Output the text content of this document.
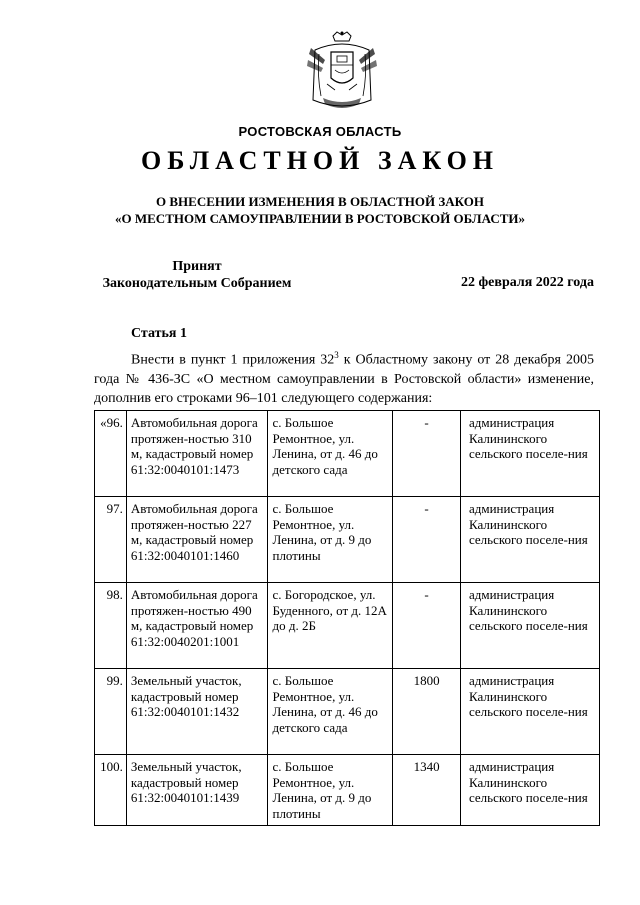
РОСТОВСКАЯ ОБЛАСТЬ
ОБЛАСТНОЙ ЗАКОН
О ВНЕСЕНИИ ИЗМЕНЕНИЯ В ОБЛАСТНОЙ ЗАКОН
«О МЕСТНОМ САМОУПРАВЛЕНИИ В РОСТОВСКОЙ ОБЛАСТИ»
Принят
Законодательным Собранием	22 февраля 2022 года
Статья 1
Внести в пункт 1 приложения $32^3$ к Областному закону от 28 декабря 2005 года № 436-ЗС «О местном самоуправлении в Ростовской области» изменение, дополнив его строками 96–101 следующего содержания:
«96.	Автомобильная дорога протяжен-ностью 310 м, кадастровый номер 61:32:0040101:1473	с. Большое Ремонтное, ул. Ленина, от д. 46 до детского сада	-	администрация Калининского сельского поселе-ния
97.	Автомобильная дорога протяжен-ностью 227 м, кадастровый номер 61:32:0040101:1460	с. Большое Ремонтное, ул. Ленина, от д. 9 до плотины	-	администрация Калининского сельского поселе-ния
98.	Автомобильная дорога протяжен-ностью 490 м, кадастровый номер 61:32:0040201:1001	с. Богородское, ул. Буденного, от д. 12А до д. 2Б	-	администрация Калининского сельского поселе-ния
99.	Земельный участок, кадастровый номер 61:32:0040101:1432	с. Большое Ремонтное, ул. Ленина, от д. 46 до детского сада	1800	администрация Калининского сельского поселе-ния
100.	Земельный участок, кадастровый номер 61:32:0040101:1439	с. Большое Ремонтное, ул. Ленина, от д. 9 до плотины	1340	администрация Калининского сельского поселе-ния
